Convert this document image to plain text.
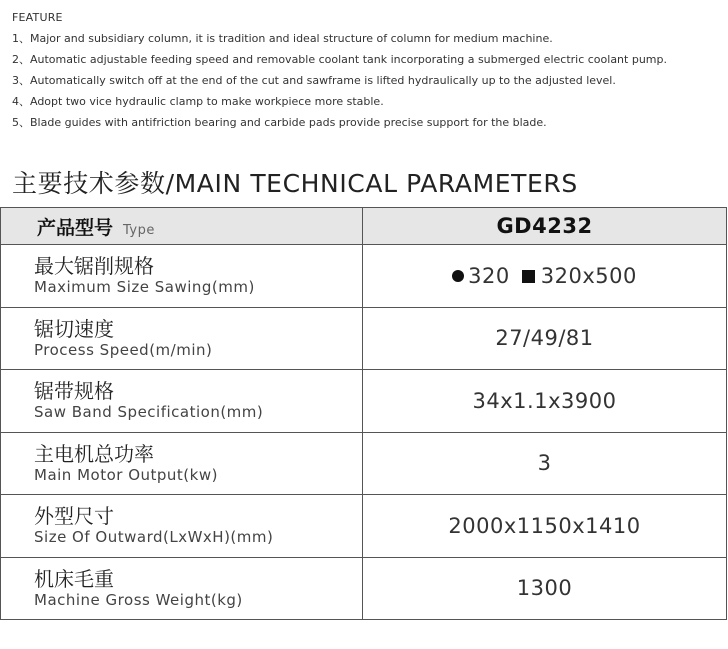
FEATURE
1、Major and subsidiary column, it is tradition and ideal structure of column for medium machine.
2、Automatic adjustable feeding speed and removable coolant tank incorporating a submerged electric coolant pump.
3、Automatically switch off at the end of the cut and sawframe is lifted hydraulically up to the adjusted level.
4、Adopt two vice hydraulic clamp to make workpiece more stable.
5、Blade guides with antifriction bearing and carbide pads provide precise support for the blade.
主要技术参数/MAIN TECHNICAL PARAMETERS
产品型号 Type	GD4232

最大锯削规格
Maximum Size Sawing(mm)	320 320x500

锯切速度
Process Speed(m/min)	27/49/81

锯带规格
Saw Band Specification(mm)	34x1.1x3900

主电机总功率
Main Motor Output(kw)	3

外型尺寸
Size Of Outward(LxWxH)(mm)	2000x1150x1410

机床毛重
Machine Gross Weight(kg)	1300
